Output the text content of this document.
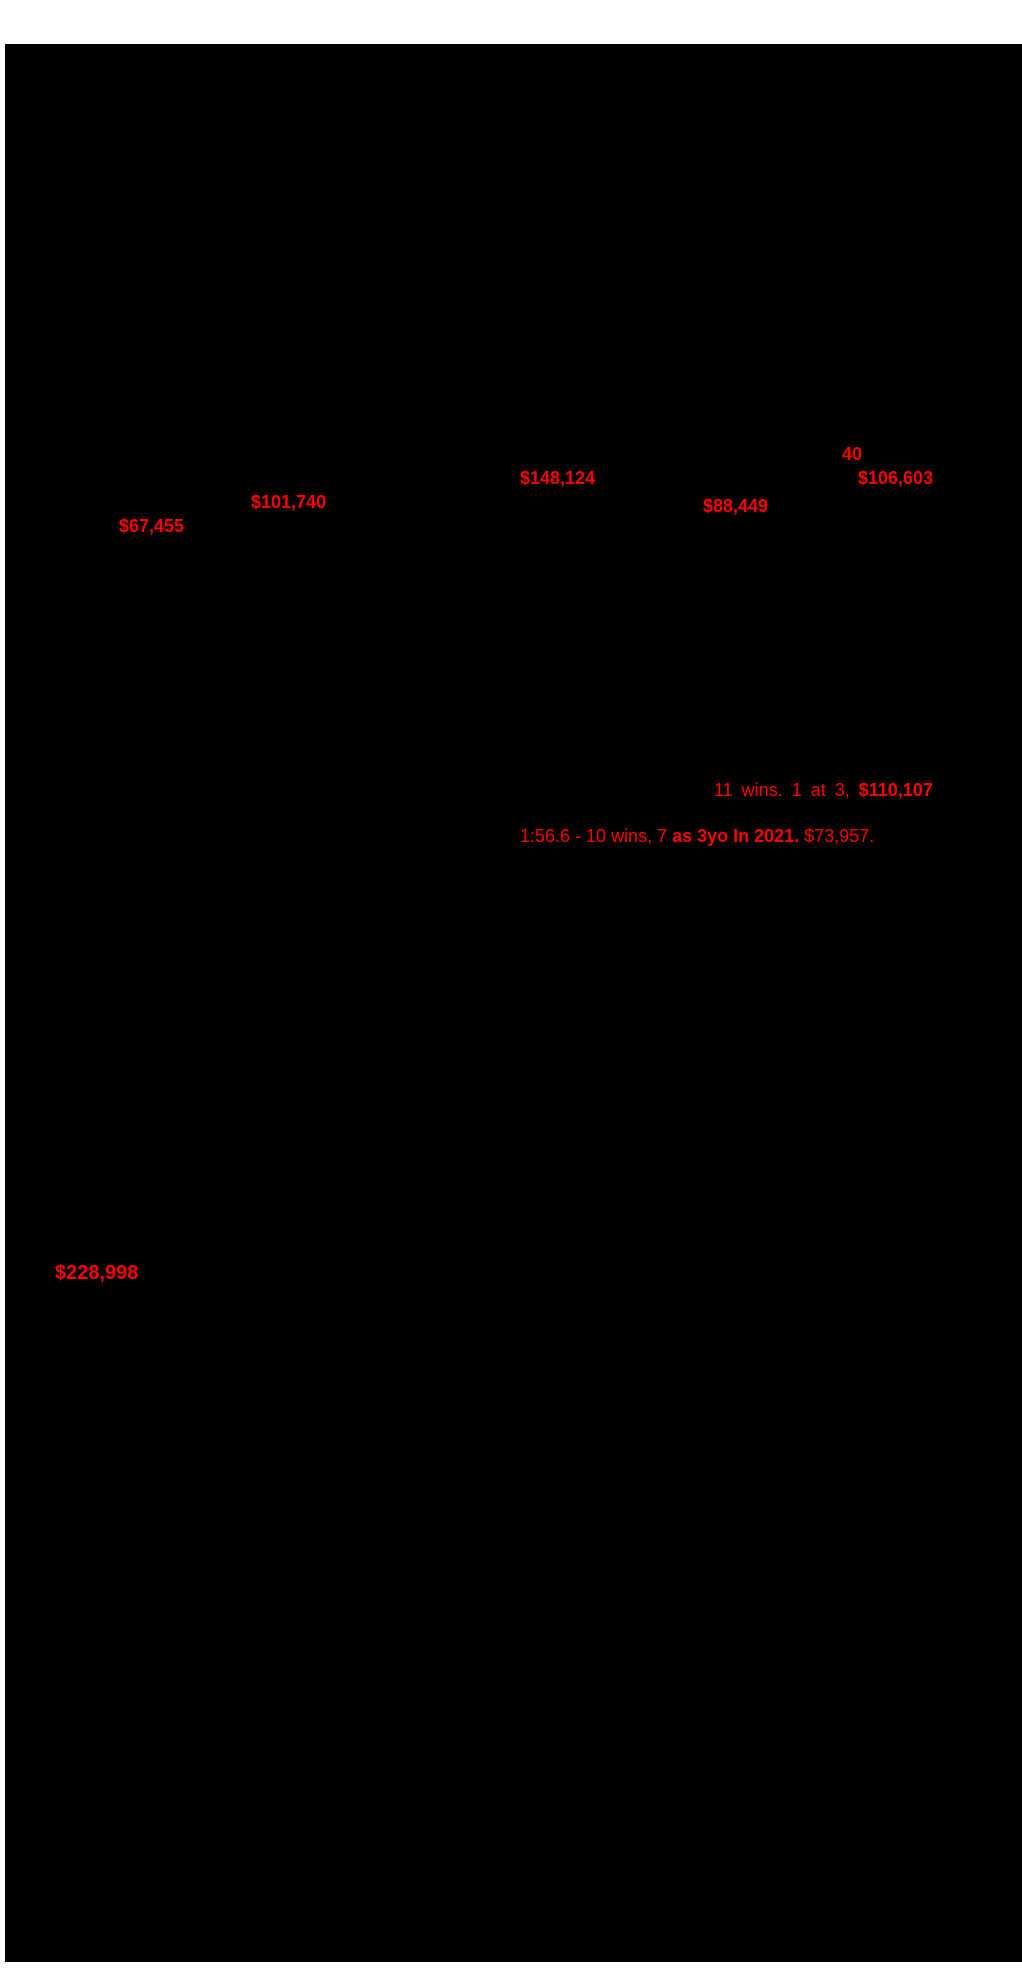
40
$148,124	$106,603
$101,740	$88,449
$67,455
11 wins. 1 at 3, $110,107
1:56.6 - 10 wins, 7 as 3yo In 2021. $73,957.
$228,998
